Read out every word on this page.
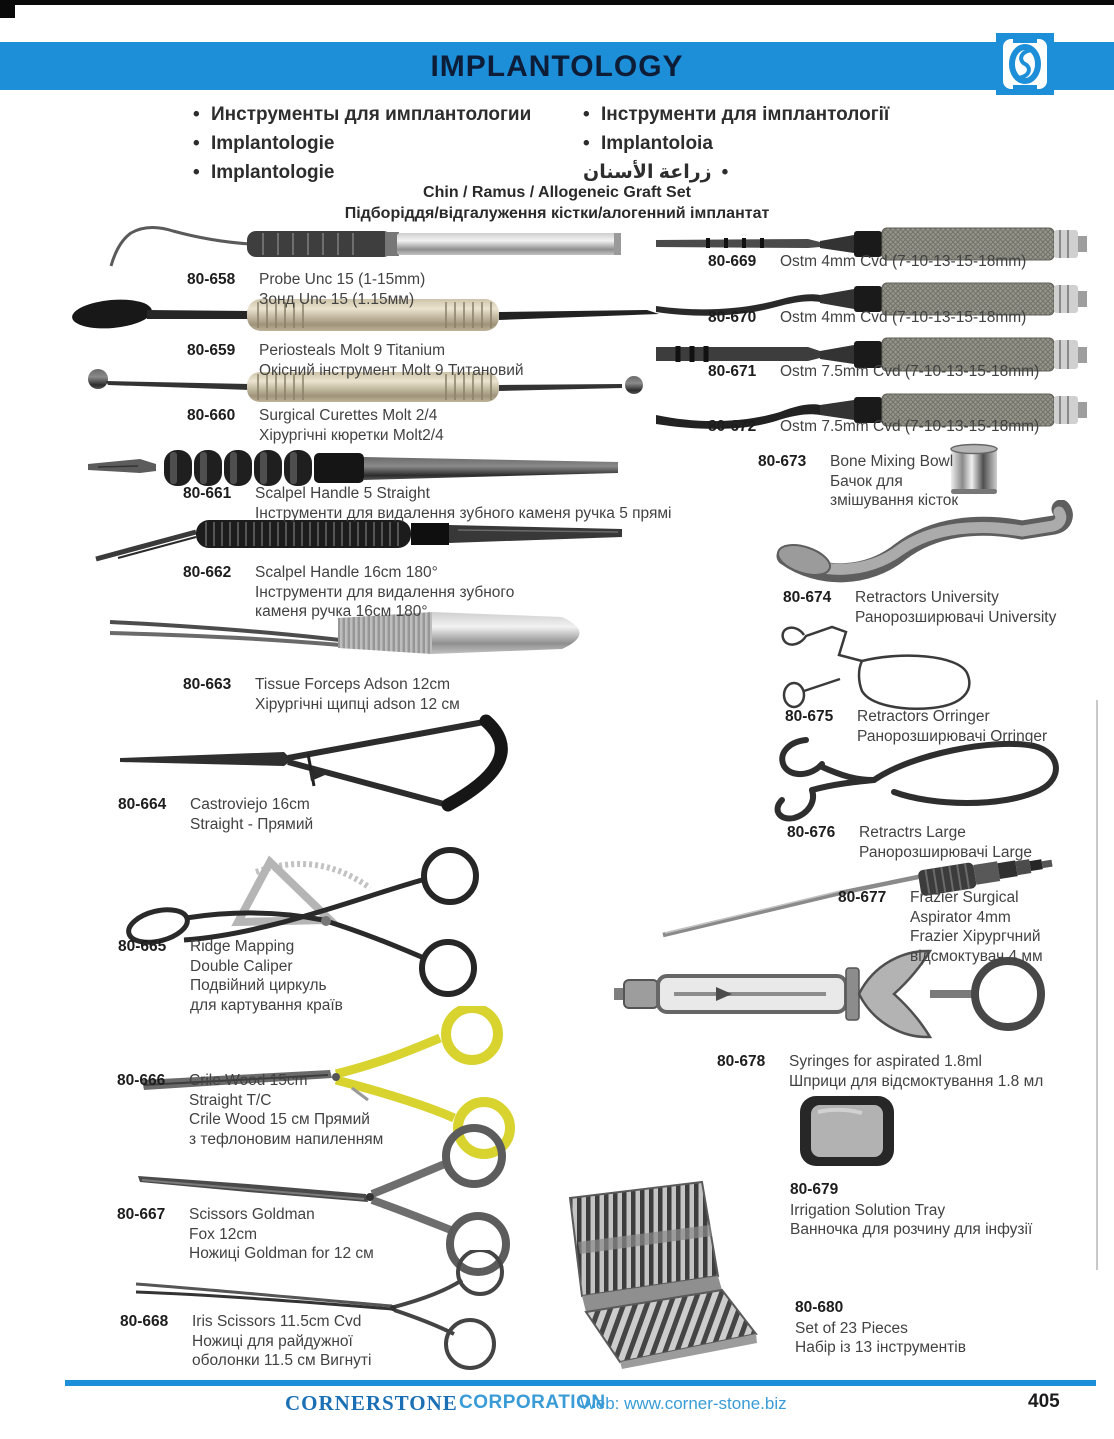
IMPLANTOLOGY
• Инструменты для имплантологии
• Implantologie
• Implantologie
• Інструменти для імплантології
• Implantoloia
زراعة الأسنان •
Chin / Ramus / Allogeneic Graft Set
Підборіддя/відгалуження кістки/алогенний імплантат
80-658	Probe Unc 15 (1-15mm)
Зонд Unc 15 (1.15мм)
80-659	Periosteals Molt 9 Titanium
Окісний інструмент Molt 9 Титановий
80-660	Surgical Curettes Molt 2/4
Хірургічні кюретки Molt2/4
80-661	Scalpel Handle 5 Straight
Інструменти для видалення зубного каменя ручка 5 прямі
80-662	Scalpel Handle 16cm 180°
Інструменти для видалення зубного
каменя ручка 16см 180°
80-663	Tissue Forceps Adson 12cm
Хірургічні щипці adson 12 см
80-664	Castroviejo 16cm
Straight - Прямий
80-665	Ridge Mapping
Double Caliper
Подвійний циркуль
для картування країв
80-666	Crile Wood 15cm
Straight T/C
Crile Wood 15 см Прямий
з тефлоновим напиленням
80-667	Scissors Goldman
Fox 12cm
Ножиці Goldman for 12 см
80-668	Iris Scissors 11.5cm Cvd
Ножиці для райдужної
оболонки 11.5 см Вигнуті
80-669	Ostm 4mm Cvd (7-10-13-15-18mm)
80-670	Ostm 4mm Cvd (7-10-13-15-18mm)
80-671	Ostm 7.5mm Cvd (7-10-13-15-18mm)
80-672	Ostm 7.5mm Cvd (7-10-13-15-18mm)
80-673	Bone Mixing Bowl
Бачок для
змішування кісток
80-674	Retractors University
Ранорозширювачі University
80-675	Retractors Orringer
Ранорозширювачі Orringer
80-676	Retractrs Large
Ранорозширювачі Large
80-677	Frazier Surgical
Aspirator 4mm
Frazier Хірургчний
відсмоктувач 4 мм
80-678	Syringes for aspirated 1.8ml
Шприци для відсмоктування 1.8 мл
80-679
Irrigation Solution Tray
Ванночка для розчину для інфузії
80-680
Set of 23 Pieces
Набір із 13 інструментів
CORNERSTONE CORPORATION
Web: www.corner-stone.biz	405
